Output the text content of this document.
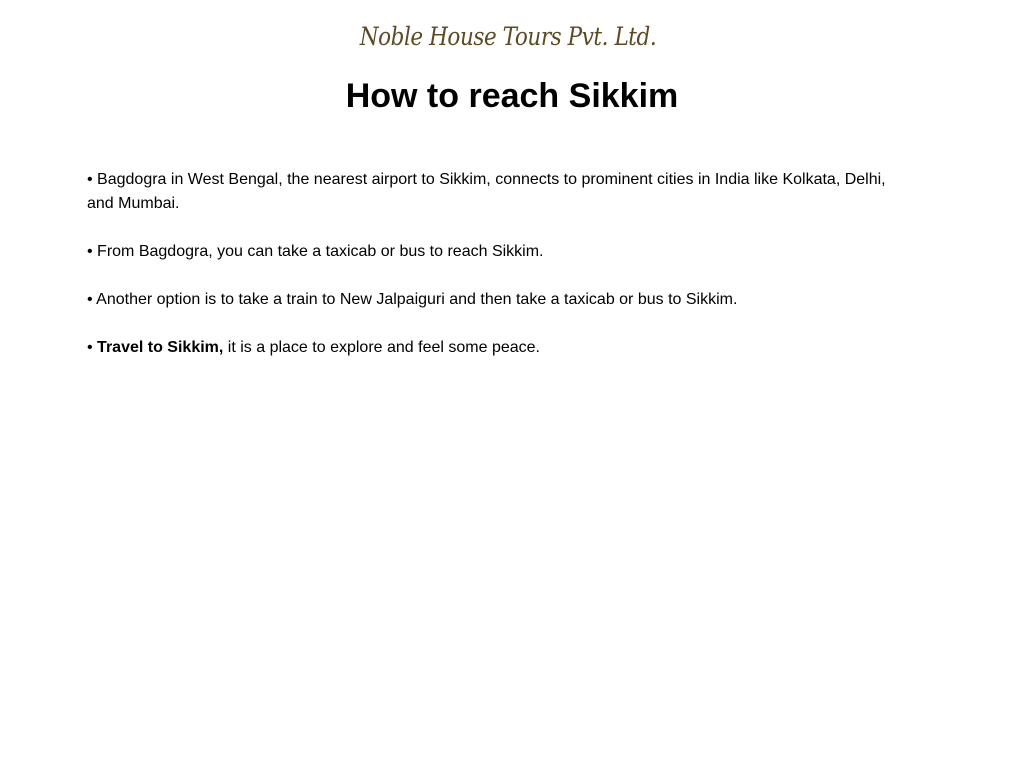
Noble House Tours Pvt. Ltd.
How to reach Sikkim
• Bagdogra in West Bengal, the nearest airport to Sikkim, connects to prominent cities in India like Kolkata, Delhi, and Mumbai.
• From Bagdogra, you can take a taxicab or bus to reach Sikkim.
• Another option is to take a train to New Jalpaiguri and then take a taxicab or bus to Sikkim.
• Travel to Sikkim, it is a place to explore and feel some peace.
